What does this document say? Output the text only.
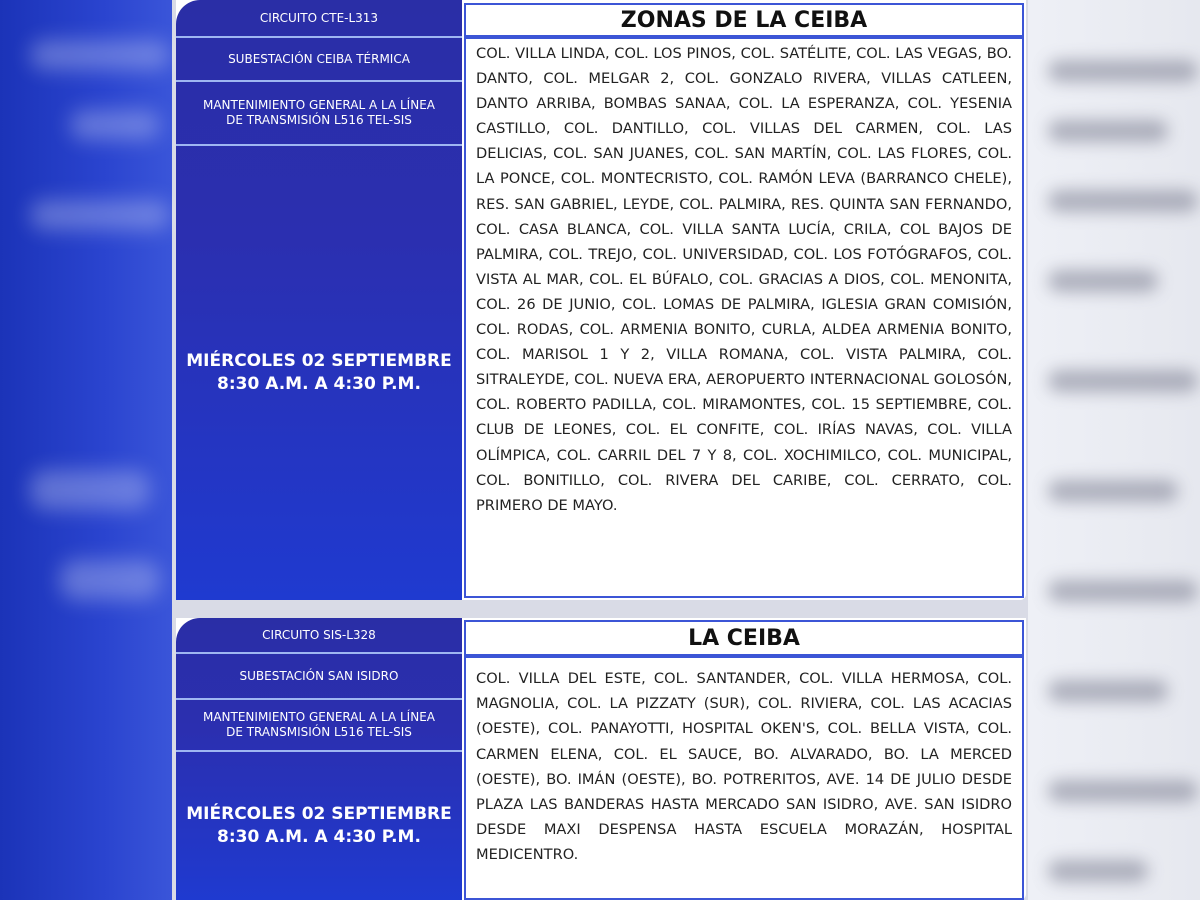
CIRCUITO CTE-L313
SUBESTACIÓN CEIBA TÉRMICA
MANTENIMIENTO GENERAL A LA LÍNEA DE TRANSMISIÓN L516 TEL-SIS
MIÉRCOLES 02 SEPTIEMBRE
8:30 A.M. A 4:30 P.M.
ZONAS DE LA CEIBA
COL. VILLA LINDA, COL. LOS PINOS, COL. SATÉLITE, COL. LAS VEGAS, BO. DANTO, COL. MELGAR 2, COL. GONZALO RIVERA, VILLAS CATLEEN, DANTO ARRIBA, BOMBAS SANAA, COL. LA ESPERANZA, COL. YESENIA CASTILLO, COL. DANTILLO, COL. VILLAS DEL CARMEN, COL. LAS DELICIAS, COL. SAN JUANES, COL. SAN MARTÍN, COL. LAS FLORES, COL. LA PONCE, COL. MONTECRISTO, COL. RAMÓN LEVA (BARRANCO CHELE), RES. SAN GABRIEL, LEYDE, COL. PALMIRA, RES. QUINTA SAN FERNANDO, COL. CASA BLANCA, COL. VILLA SANTA LUCÍA, CRILA, COL BAJOS DE PALMIRA, COL. TREJO, COL. UNIVERSIDAD, COL. LOS FOTÓGRAFOS, COL. VISTA AL MAR, COL. EL BÚFALO, COL. GRACIAS A DIOS, COL. MENONITA, COL. 26 DE JUNIO, COL. LOMAS DE PALMIRA, IGLESIA GRAN COMISIÓN, COL. RODAS, COL. ARMENIA BONITO, CURLA, ALDEA ARMENIA BONITO, COL. MARISOL 1 Y 2, VILLA ROMANA, COL. VISTA PALMIRA, COL. SITRALEYDE, COL. NUEVA ERA, AEROPUERTO INTERNACIONAL GOLOSÓN, COL. ROBERTO PADILLA, COL. MIRAMONTES, COL. 15 SEPTIEMBRE, COL. CLUB DE LEONES, COL. EL CONFITE, COL. IRÍAS NAVAS, COL. VILLA OLÍMPICA, COL. CARRIL DEL 7 Y 8, COL. XOCHIMILCO, COL. MUNICIPAL, COL. BONITILLO, COL. RIVERA DEL CARIBE, COL. CERRATO, COL. PRIMERO DE MAYO.
CIRCUITO SIS-L328
SUBESTACIÓN SAN ISIDRO
MANTENIMIENTO GENERAL A LA LÍNEA DE TRANSMISIÓN L516 TEL-SIS
MIÉRCOLES 02 SEPTIEMBRE
8:30 A.M. A 4:30 P.M.
LA CEIBA
COL. VILLA DEL ESTE, COL. SANTANDER, COL. VILLA HERMOSA, COL. MAGNOLIA, COL. LA PIZZATY (SUR), COL. RIVIERA, COL. LAS ACACIAS (OESTE), COL. PANAYOTTI, HOSPITAL OKEN'S, COL. BELLA VISTA, COL. CARMEN ELENA, COL. EL SAUCE, BO. ALVARADO, BO. LA MERCED (OESTE), BO. IMÁN (OESTE), BO. POTRERITOS, AVE. 14 DE JULIO DESDE PLAZA LAS BANDERAS HASTA MERCADO SAN ISIDRO, AVE. SAN ISIDRO DESDE MAXI DESPENSA HASTA ESCUELA MORAZÁN, HOSPITAL MEDICENTRO.
